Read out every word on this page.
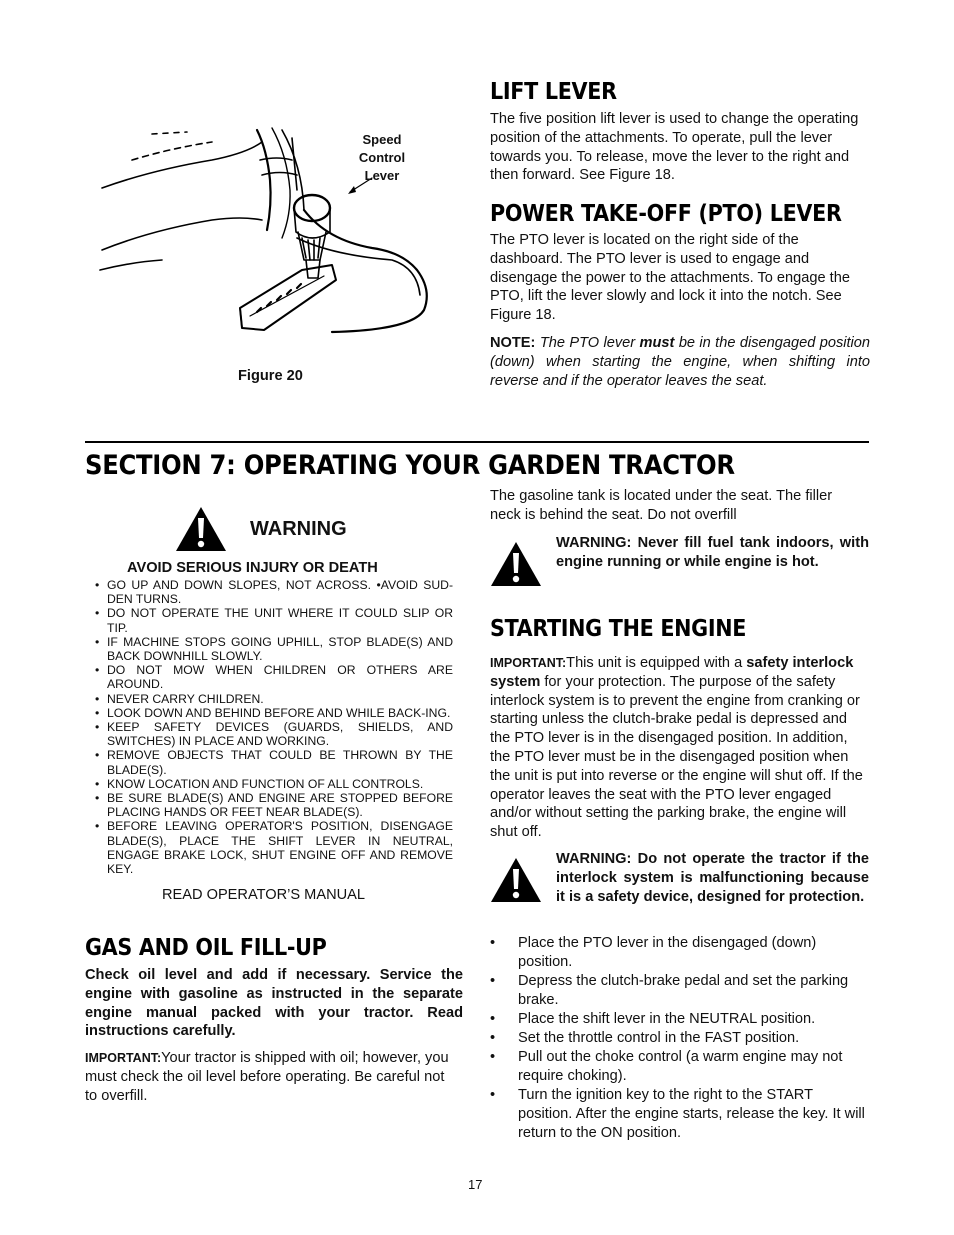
Speed Control Lever
Figure 20
LIFT LEVER

The five position lift lever is used to change the operating position of the attachments. To operate, pull the lever towards you. To release, move the lever to the right and then forward. See Figure 18.

POWER TAKE-OFF (PTO) LEVER

The PTO lever is located on the right side of the dashboard. The PTO lever is used to engage and disengage the power to the attachments. To engage the PTO, lift the lever slowly and lock it into the notch. See Figure 18.

NOTE: The PTO lever must be in the disengaged position (down) when starting the engine, when shifting into reverse and if the operator leaves the seat.

SECTION 7: OPERATING YOUR GARDEN TRACTOR
WARNING
AVOID SERIOUS INJURY OR DEATH
• GO UP AND DOWN SLOPES, NOT ACROSS. •AVOID SUD-DEN TURNS.
• DO NOT OPERATE THE UNIT WHERE IT COULD SLIP OR TIP.
• IF MACHINE STOPS GOING UPHILL, STOP BLADE(S) AND BACK DOWNHILL SLOWLY.
• DO NOT MOW WHEN CHILDREN OR OTHERS ARE AROUND.
• NEVER CARRY CHILDREN.
• LOOK DOWN AND BEHIND BEFORE AND WHILE BACK-ING.
• KEEP SAFETY DEVICES (GUARDS, SHIELDS, AND SWITCHES) IN PLACE AND WORKING.
• REMOVE OBJECTS THAT COULD BE THROWN BY THE BLADE(S).
• KNOW LOCATION AND FUNCTION OF ALL CONTROLS.
• BE SURE BLADE(S) AND ENGINE ARE STOPPED BEFORE PLACING HANDS OR FEET NEAR BLADE(S).
• BEFORE LEAVING OPERATOR'S POSITION, DISENGAGE BLADE(S), PLACE THE SHIFT LEVER IN NEUTRAL, ENGAGE BRAKE LOCK, SHUT ENGINE OFF AND REMOVE KEY.
READ OPERATOR’S MANUAL
GAS AND OIL FILL-UP

Check oil level and add if necessary. Service the engine with gasoline as instructed in the separate engine manual packed with your tractor. Read instructions carefully.

IMPORTANT:Your tractor is shipped with oil; however, you must check the oil level before operating. Be careful not to overfill.

The gasoline tank is located under the seat. The filler neck is behind the seat. Do not overfill

WARNING: Never fill fuel tank indoors, with engine running or while engine is hot.

STARTING THE ENGINE

IMPORTANT:This unit is equipped with a safety interlock system for your protection. The purpose of the safety interlock system is to prevent the engine from cranking or starting unless the clutch-brake pedal is depressed and the PTO lever is in the disengaged position. In addition, the PTO lever must be in the disengaged position when the unit is put into reverse or the engine will shut off. If the operator leaves the seat with the PTO lever engaged and/or without setting the parking brake, the engine will shut off.

WARNING: Do not operate the tractor if the interlock system is malfunctioning because it is a safety device, designed for protection.

• Place the PTO lever in the disengaged (down) position.
• Depress the clutch-brake pedal and set the parking brake.
• Place the shift lever in the NEUTRAL position.
• Set the throttle control in the FAST position.
• Pull out the choke control (a warm engine may not require choking).
• Turn the ignition key to the right to the START position. After the engine starts, release the key. It will return to the ON position.
17
